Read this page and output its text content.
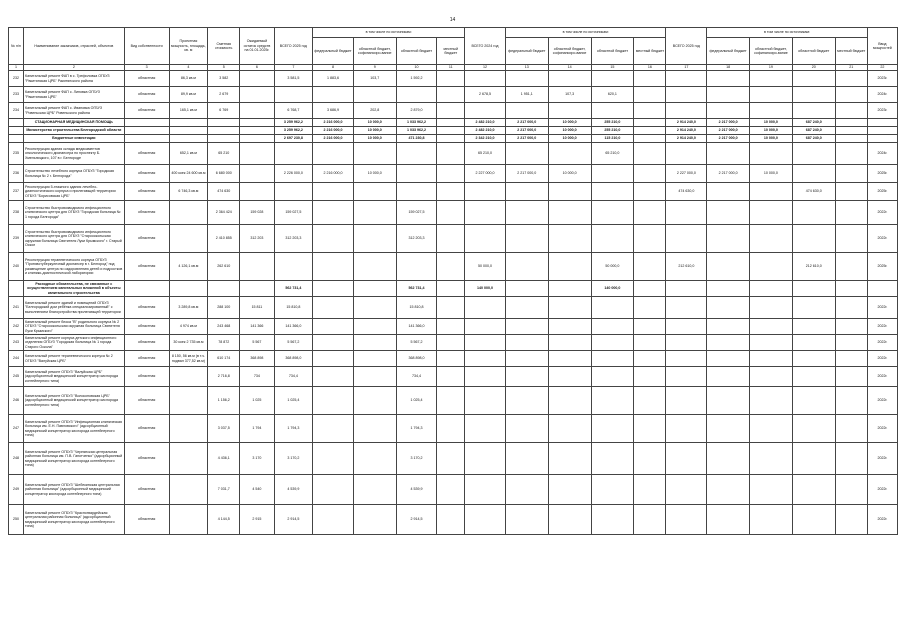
14
№ п/п	Наименование заказчиков, отраслей, объектов	Вид собственности	Проектная мощность, площадь, кв. м	Сметная стоимость	Ожидаемый остаток средств на 01.01.2025г.	ВСЕГО 2025 год	в том числе по источникам:				ВСЕГО 2024 год	в том числе по источникам:				ВСЕГО 2025 год	в том числе по источникам:				Ввод мощностей
							федеральный бюджет	областной бюджет, софинансиро-вание	областной бюджет	местный бюджет		федеральный бюджет	областной бюджет, софинансиро-вание	областной бюджет	местный бюджет		федеральный бюджет	областной бюджет, софинансиро-вание	областной бюджет	местный бюджет	
1	2	3	4	5	6	7	8	9	10	11	12	13	14	15	16	17	18	19	20	21	22
232	Капитальный ремонт ФАП в с. Трефиловка ОГБУЗ "Ракитянская ЦРБ" Ракитянского района	областная	86,3 кв.м	3 582		3 581,5	1 883,6	103,7	1 592,2												2023г.
233	Капитальный ремонт ФАП с. Липовка ОГБУЗ "Ракитянская ЦРБ"	областная	89,9 кв.м	2 679							2 678,5	1 951,1	107,3	620,1							2024г.
234	Капитальный ремонт ФАП с. Ивановка ОГБУЗ "Ровеньская ЦРБ" Ровеньского района	областная	165,1 кв.м	6 769		6 768,7	3 686,9	202,8	2 879,0												2023г.
	СТАЦИОНАРНАЯ МЕДИЦИНСКАЯ ПОМОЩЬ					3 259 962,2	2 216 000,0	10 000,0	1 033 962,2		2 482 210,0	2 217 000,0	10 000,0	255 210,0		2 914 240,0	2 217 000,0	10 000,0	687 240,0		
	Министерство строительства Белгородской области					3 259 962,2	2 216 000,0	10 000,0	1 033 962,2		2 482 210,0	2 217 000,0	10 000,0	255 210,0		2 914 240,0	2 217 000,0	10 000,0	687 240,0		
	Бюджетные инвестиции					2 697 230,8	2 216 000,0	10 000,0	471 230,8		2 342 210,0	2 217 000,0	10 000,0	115 210,0		2 914 240,0	2 217 000,0	10 000,0	687 240,0		
235	Реконструкция здания склада медикаментов онкологического диспансера по проспекту Б. Хмельницкого, 107 в г. Белгороде	областная	652,1 кв.м	65 210							65 210,0			65 210,0							2024г.
236	Строительство лечебного корпуса ОГБУЗ "Городская больница № 2 г. Белгорода"	областная	400 коек 24 600 кв.м	6 680 000		2 226 000,0	2 216 000,0	10 000,0			2 227 000,0	2 217 000,0	10 000,0			2 227 000,0	2 217 000,0	10 000,0			2025г.
237	Реконструкция 5-этажного здания лечебно-диагностического корпуса и прилегающей территории ОГБУЗ "Борисовская ЦРБ"	областная	6 746,3 кв.м	474 630												474 630,0			474 630,0		2025г.
238	Строительство быстровозводимого инфекционного клинического центра для ОГБУЗ "Городская больница № 1 города Белгорода"	областная		2 364 424	159 028	159 027,5			159 027,5												2022г.
239	Строительство быстровозводимого инфекционного клинического центра для ОГБУЗ "Старооскольская окружная больница Святителя Луки Крымского" г. Старый Оскол	областная		2 410 855	312 203	312 203,3			312 203,3												2022г.
240	Реконструкция терапевтического корпуса ОГБУЗ "Противотуберкулезный диспансер в г. Белгород" под размещение центра по оздоровлению детей и подростков и клинико-диагностической лаборатории	областная	4 126,1 кв.м	262 610							50 000,0			50 000,0		212 610,0			212 610,0		2025г.
	Расходные обязательства, не связанные с осуществлением капитальных вложений в объекты капитального строительства					562 731,4			562 731,4		140 000,0			140 000,0							
241	Капитальный ремонт зданий и помещений ОГБУЗ "Белгородский дом ребёнка специализированный" с выполнением благоустройства прилегающей территории	областная	3 289,8 кв.м	288 100	15 811	15 810,8			15 810,8												2022г.
242	Капитальный ремонт блока "В" родильного корпуса № 2 ОГБУЗ "Старооскольская окружная больница Святителя Луки Крымского"	областная	4 974 кв.м	243 468	141 366	141 366,0			141 366,0												2022г.
243	Капитальный ремонт корпуса детского инфекционного отделения ОГБУЗ "Городская больница № 1 города Старого Оскола"	областная	30 коек 2 735 кв.м	78 872	5 567	5 567,2			5 567,2												2022г.
244	Капитальный ремонт терапевтического корпуса № 2 ОГБУЗ "Валуйская ЦРБ"	областная	8 150, 56 кв.м (в т.ч. подвал 377,52 кв.м)	610 174	368 898	368 898,0			368 898,0												2022г.
245	Капитальный ремонт ОГБУЗ "Валуйская ЦРБ" (адсорбционный медицинский концентратор кислорода контейнерного типа)	областная		2 716,8	734	734,4			734,4												2022г.
246	Капитальный ремонт ОГБУЗ "Волоконовская ЦРБ" (адсорбционный медицинский концентратор кислорода контейнерного типа)	областная		1 156,2	1 025	1 025,4			1 025,4												2022г.
247	Капитальный ремонт ОГБУЗ "Инфекционная клиническая больница им. Е.Н. Павловского" (адсорбционный медицинский концентратор кислорода контейнерного типа)	областная		3 037,5	1 794	1 794,3			1 794,3												2022г.
248	Капитальный ремонт ОГБУЗ "Чернянская центральная районная больница им. П.В. Гапотченко" (адсорбционный медицинский концентратор кислорода контейнерного типа)	областная		4 436,1	3 170	3 170,2			3 170,2												2022г.
249	Капитальный ремонт ОГБУЗ "Шебекинская центральная районная больница" (адсорбционный медицинский концентратор кислорода контейнерного типа)	областная		7 031,7	4 540	4 539,9			4 539,9												2022г.
250	Капитальный ремонт ОГБУЗ "Красногвардейская центральная районная больница" (адсорбционный медицинский концентратор кислорода контейнерного типа)	областная		4 144,5	2 915	2 914,5			2 914,5												2022г.
